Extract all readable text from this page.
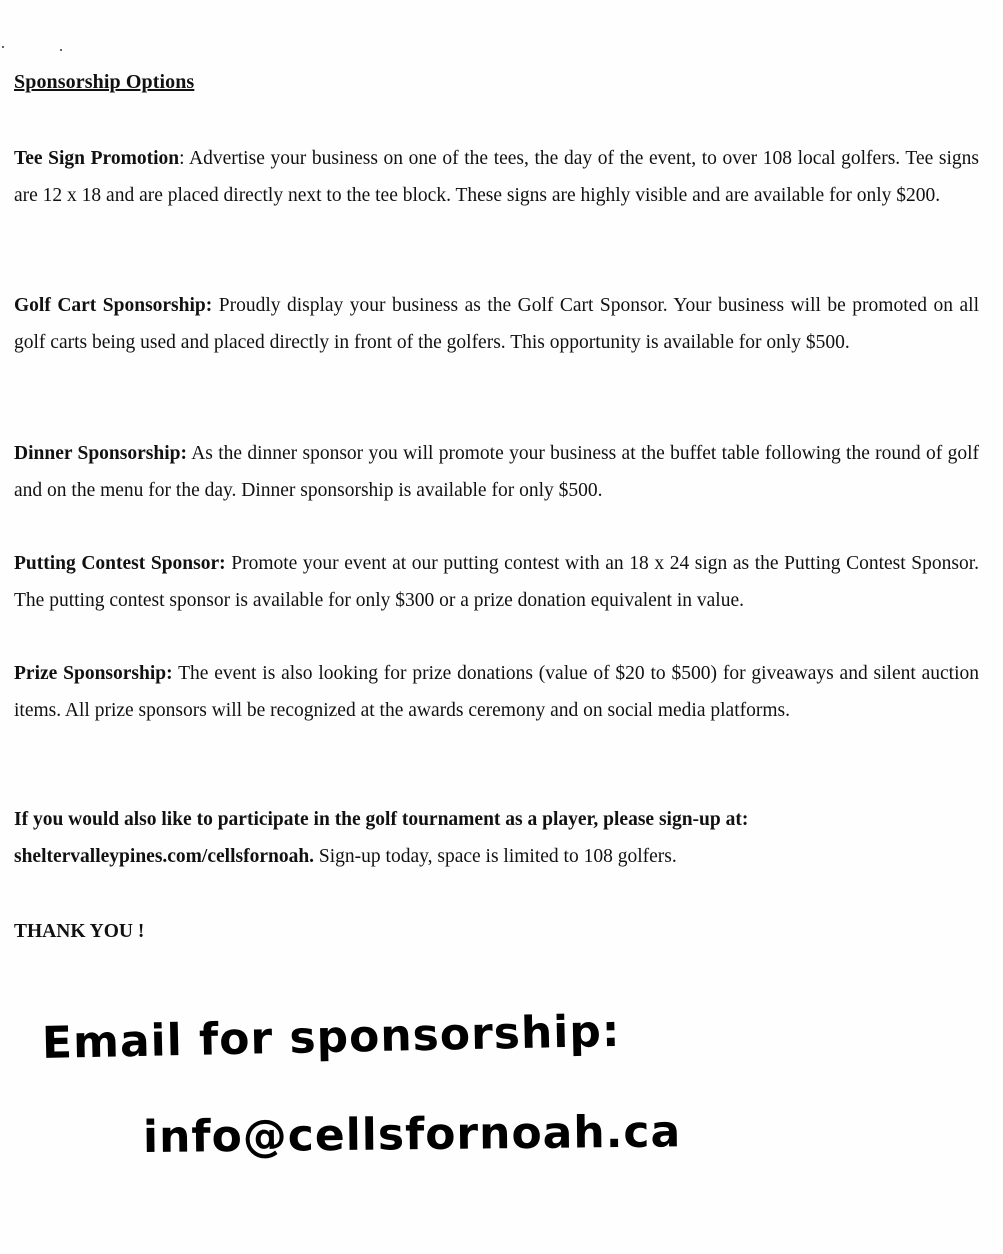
Sponsorship Options

Tee Sign Promotion: Advertise your business on one of the tees, the day of the event, to over 108 local golfers. Tee signs are 12 x 18 and are placed directly next to the tee block. These signs are highly visible and are available for only $200.

Golf Cart Sponsorship: Proudly display your business as the Golf Cart Sponsor. Your business will be promoted on all golf carts being used and placed directly in front of the golfers. This opportunity is available for only $500.

Dinner Sponsorship: As the dinner sponsor you will promote your business at the buffet table following the round of golf and on the menu for the day. Dinner sponsorship is available for only $500.

Putting Contest Sponsor: Promote your event at our putting contest with an 18 x 24 sign as the Putting Contest Sponsor. The putting contest sponsor is available for only $300 or a prize donation equivalent in value.

Prize Sponsorship: The event is also looking for prize donations (value of $20 to $500) for giveaways and silent auction items. All prize sponsors will be recognized at the awards ceremony and on social media platforms.

If you would also like to participate in the golf tournament as a player, please sign-up at: sheltervalleypines.com/cellsfornoah. Sign-up today, space is limited to 108 golfers.

THANK YOU !
Email for sponsorship:
info@cellsfornoah.ca
